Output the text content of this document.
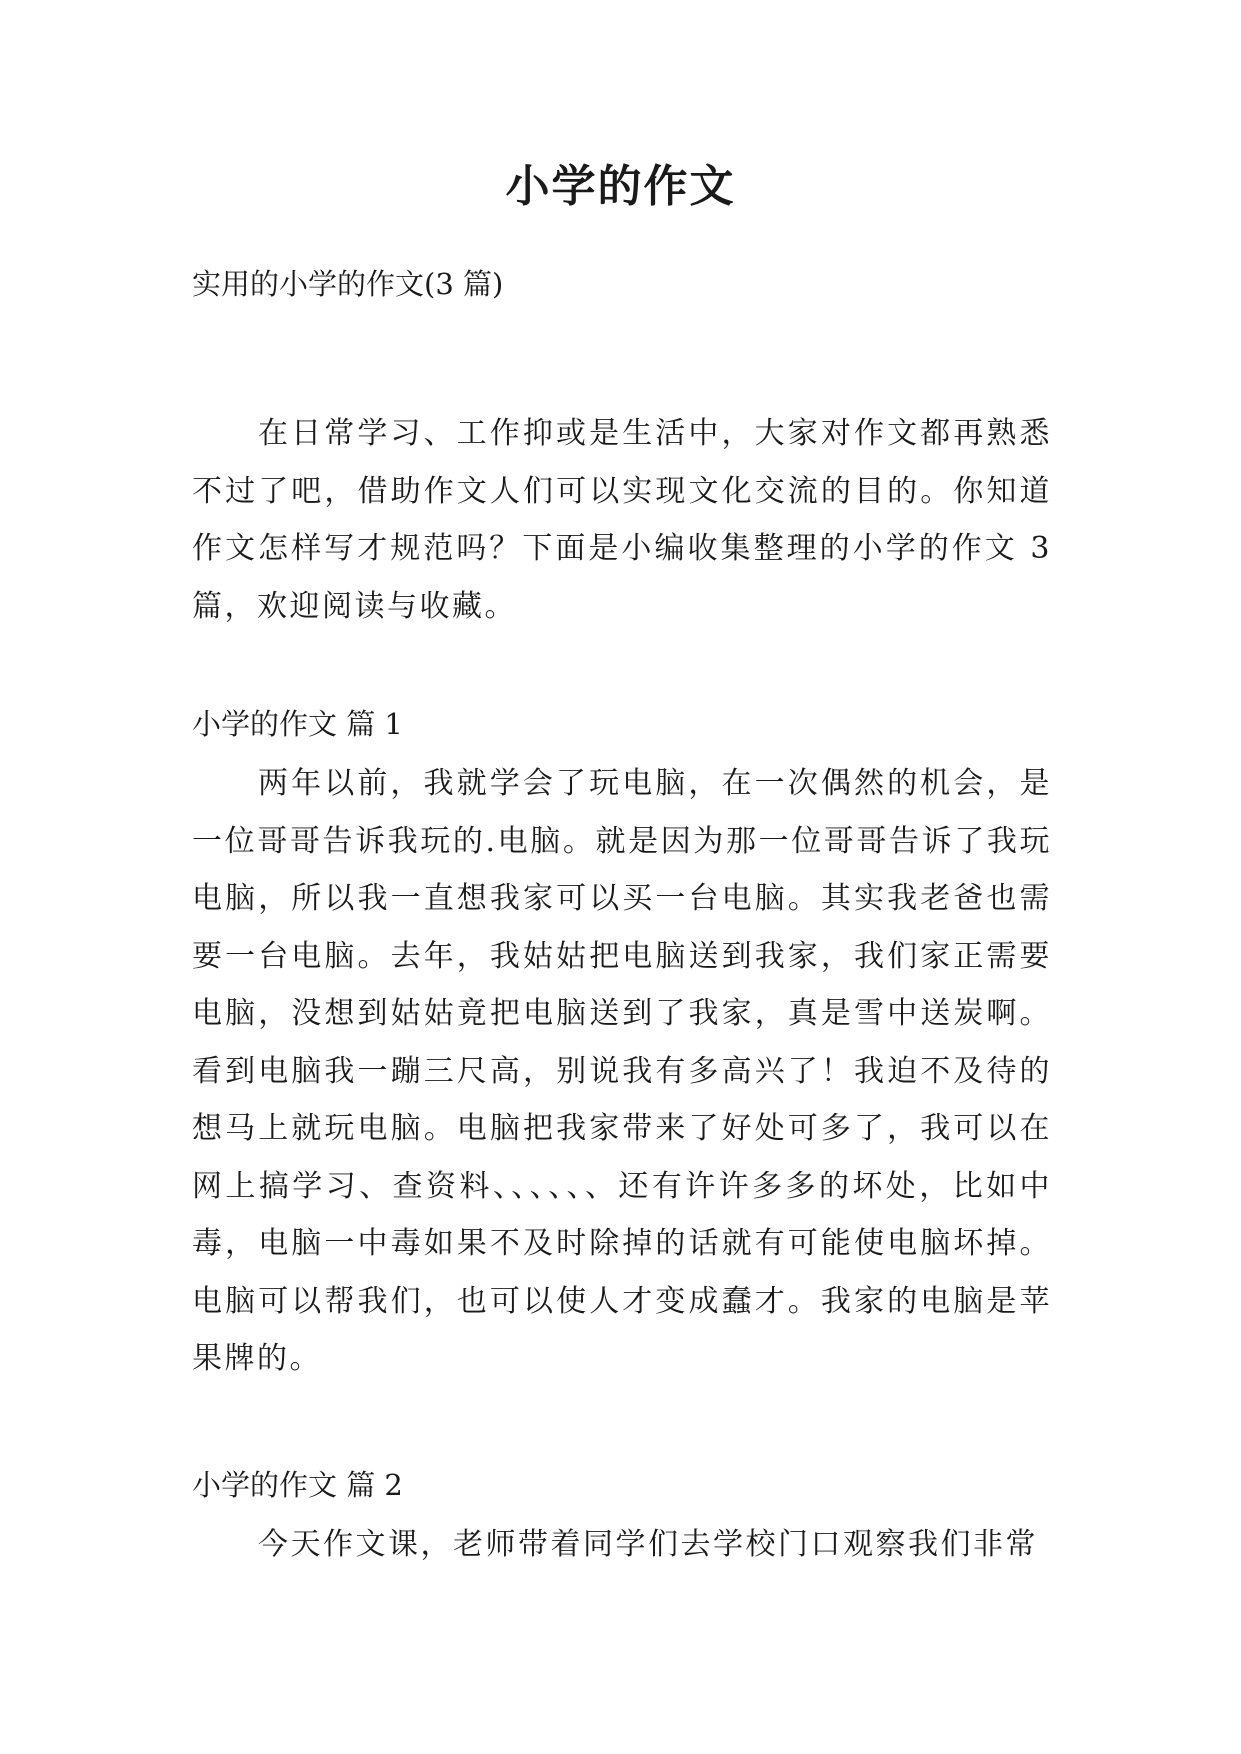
小学的作文

实用的小学的作文(3 篇)

在日常学习、工作抑或是生活中，大家对作文都再熟悉不过了吧，借助作文人们可以实现文化交流的目的。你知道作文怎样写才规范吗？下面是小编收集整理的小学的作文 3 篇，欢迎阅读与收藏。

小学的作文 篇 1

两年以前，我就学会了玩电脑，在一次偶然的机会，是一位哥哥告诉我玩的.电脑。就是因为那一位哥哥告诉了我玩电脑，所以我一直想我家可以买一台电脑。其实我老爸也需要一台电脑。去年，我姑姑把电脑送到我家，我们家正需要电脑，没想到姑姑竟把电脑送到了我家，真是雪中送炭啊。看到电脑我一蹦三尺高，别说我有多高兴了！我迫不及待的想马上就玩电脑。电脑把我家带来了好处可多了，我可以在网上搞学习、查资料、、、、、、还有许许多多的坏处，比如中毒，电脑一中毒如果不及时除掉的话就有可能使电脑坏掉。电脑可以帮我们，也可以使人才变成蠢才。我家的电脑是苹果牌的。

小学的作文 篇 2

今天作文课，老师带着同学们去学校门口观察我们非常
